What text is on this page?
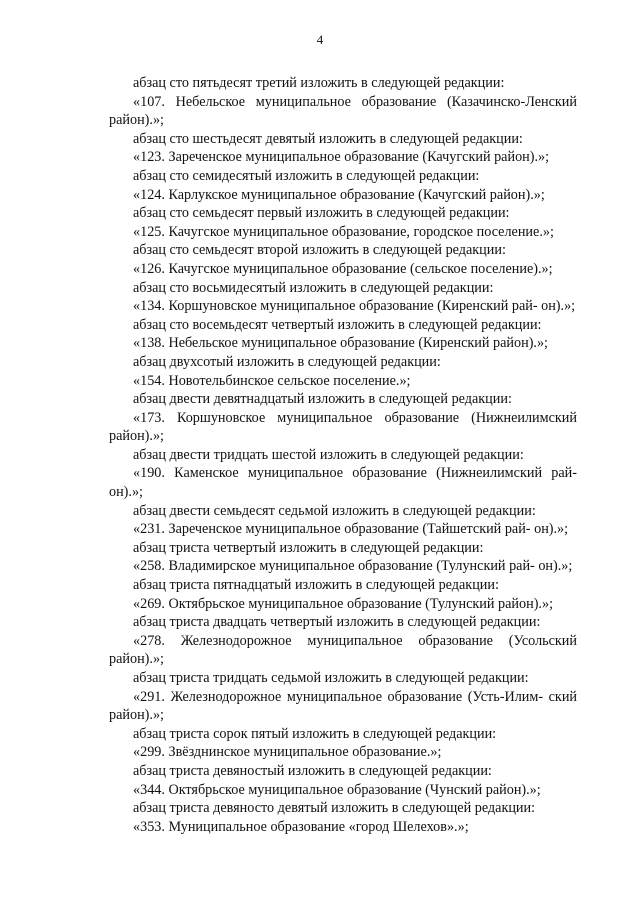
4
абзац сто пятьдесят третий изложить в следующей редакции:
«107. Небельское муниципальное образование (Казачинско-Ленский район).»;
абзац сто шестьдесят девятый изложить в следующей редакции:
«123. Зареченское муниципальное образование (Качугский район).»;
абзац сто семидесятый изложить в следующей редакции:
«124. Карлукское муниципальное образование (Качугский район).»;
абзац сто семьдесят первый изложить в следующей редакции:
«125. Качугское муниципальное образование, городское поселение.»;
абзац сто семьдесят второй изложить в следующей редакции:
«126. Качугское муниципальное образование (сельское поселение).»;
абзац сто восьмидесятый изложить в следующей редакции:
«134. Коршуновское муниципальное образование (Киренский рай- он).»;
абзац сто восемьдесят четвертый изложить в следующей редакции:
«138. Небельское муниципальное образование (Киренский район).»;
абзац двухсотый изложить в следующей редакции:
«154. Новотельбинское сельское поселение.»;
абзац двести девятнадцатый изложить в следующей редакции:
«173. Коршуновское муниципальное образование (Нижнеилимский район).»;
абзац двести тридцать шестой изложить в следующей редакции:
«190. Каменское муниципальное образование (Нижнеилимский рай- он).»;
абзац двести семьдесят седьмой изложить в следующей редакции:
«231. Зареченское муниципальное образование (Тайшетский рай- он).»;
абзац триста четвертый изложить в следующей редакции:
«258. Владимирское муниципальное образование (Тулунский рай- он).»;
абзац триста пятнадцатый изложить в следующей редакции:
«269. Октябрьское муниципальное образование (Тулунский район).»;
абзац триста двадцать четвертый изложить в следующей редакции:
«278. Железнодорожное муниципальное образование (Усольский район).»;
абзац триста тридцать седьмой изложить в следующей редакции:
«291. Железнодорожное муниципальное образование (Усть-Илим- ский район).»;
абзац триста сорок пятый изложить в следующей редакции:
«299. Звёзднинское муниципальное образование.»;
абзац триста девяностый изложить в следующей редакции:
«344. Октябрьское муниципальное образование (Чунский район).»;
абзац триста девяносто девятый изложить в следующей редакции:
«353. Муниципальное образование «город Шелехов».»;
